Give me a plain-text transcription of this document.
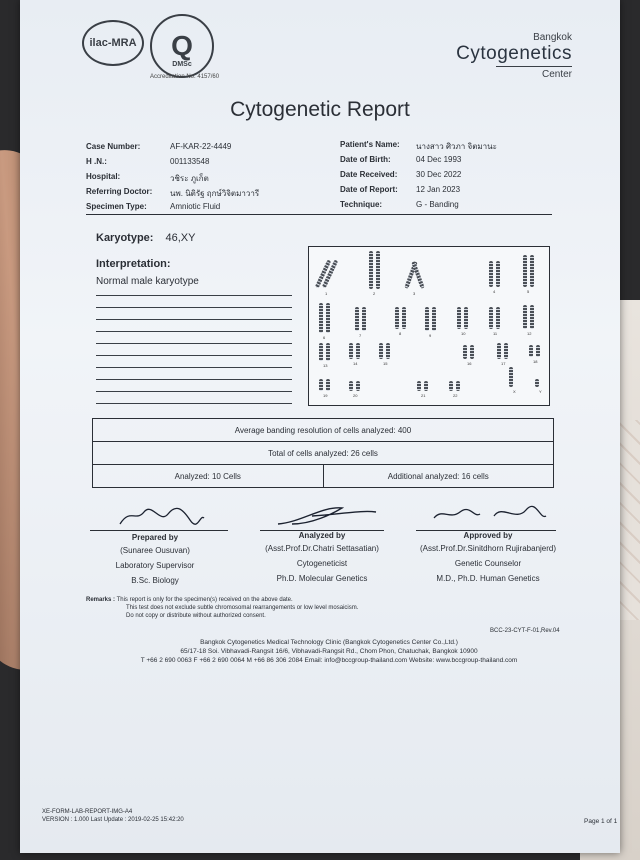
ilac-MRA Q
DMSc
Accreditation No. 4157/60
Bangkok
Cytogenetics
Center
Cytogenetic Report
Case Number:	AF-KAR-22-4449
H .N.:	001133548
Hospital:	วชิระ ภูเก็ต
Referring Doctor:	นพ. นิติรัฐ ฤกษ์วิจิตมาวารี
Specimen Type:	Amniotic Fluid
Patient's Name:	นางสาว ศิวภา จิตมานะ
Date of Birth:	04 Dec 1993
Date Received:	30 Dec 2022
Date of Report:	12 Jan 2023
Technique:	G - Banding
Karyotype: 46,XY
Interpretation:
Normal male karyotype
1	2	3	4	5
6	7	8	9	10	11	12
13	14	15	16	17	18
19	20	21	22
X	Y
Average banding resolution of cells analyzed: 400
Total of cells analyzed: 26 cells
Analyzed: 10 Cells	Additional analyzed: 16 cells
Prepared by
(Sunaree Ousuvan)
Laboratory Supervisor
B.Sc. Biology
Analyzed by
(Asst.Prof.Dr.Chatri Settasatian)
Cytogeneticist
Ph.D. Molecular Genetics
Approved by
(Asst.Prof.Dr.Sinitdhorn Rujirabanjerd)
Genetic Counselor
M.D., Ph.D. Human Genetics
Remarks : This report is only for the specimen(s) received on the above date.
This test does not exclude subtle chromosomal rearrangements or low level mosaicism.
Do not copy or distribute without authorized consent.
BCC-23-CYT-F-01,Rev.04
Bangkok Cytogenetics Medical Technology Clinic (Bangkok Cytogenetics Center Co.,Ltd.)
65/17-18 Soi. Vibhavadi-Rangsit 16/6, Vibhavadi-Rangsit Rd., Chom Phon, Chatuchak, Bangkok 10900
T +66 2 690 0063 F +66 2 690 0064 M +66 86 306 2084 Email: info@bccgroup-thailand.com Website: www.bccgroup-thailand.com
XE-FORM-LAB-REPORT-IMG-A4
VERSION : 1.000 Last Update : 2019-02-25 15:42:20	Page 1 of 1
